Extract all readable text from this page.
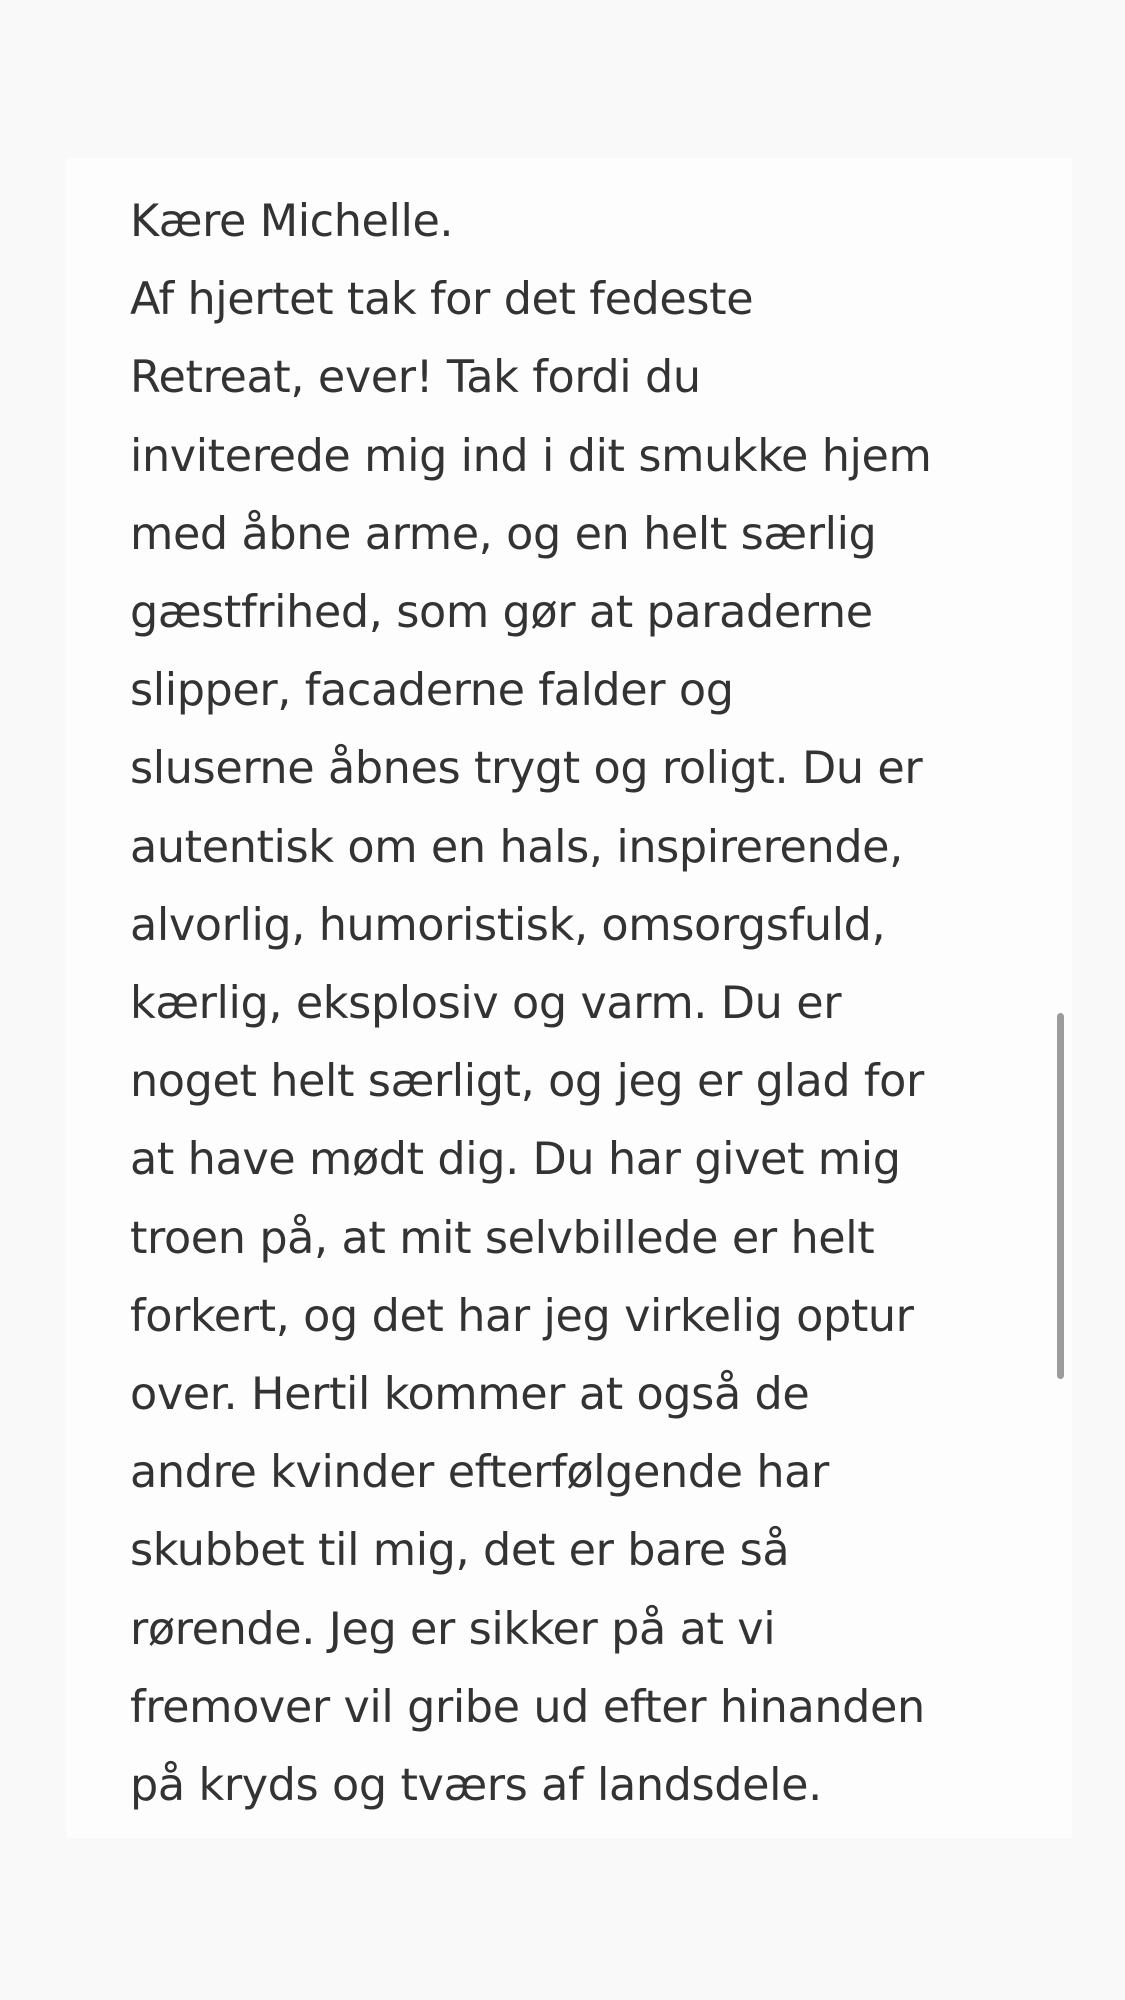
Kære Michelle.
Af hjertet tak for det fedeste
Retreat, ever! Tak fordi du
inviterede mig ind i dit smukke hjem
med åbne arme, og en helt særlig
gæstfrihed, som gør at paraderne
slipper, facaderne falder og
sluserne åbnes trygt og roligt. Du er
autentisk om en hals, inspirerende,
alvorlig, humoristisk, omsorgsfuld,
kærlig, eksplosiv og varm. Du er
noget helt særligt, og jeg er glad for
at have mødt dig. Du har givet mig
troen på, at mit selvbillede er helt
forkert, og det har jeg virkelig optur
over. Hertil kommer at også de
andre kvinder efterfølgende har
skubbet til mig, det er bare så
rørende. Jeg er sikker på at vi
fremover vil gribe ud efter hinanden
på kryds og tværs af landsdele.
